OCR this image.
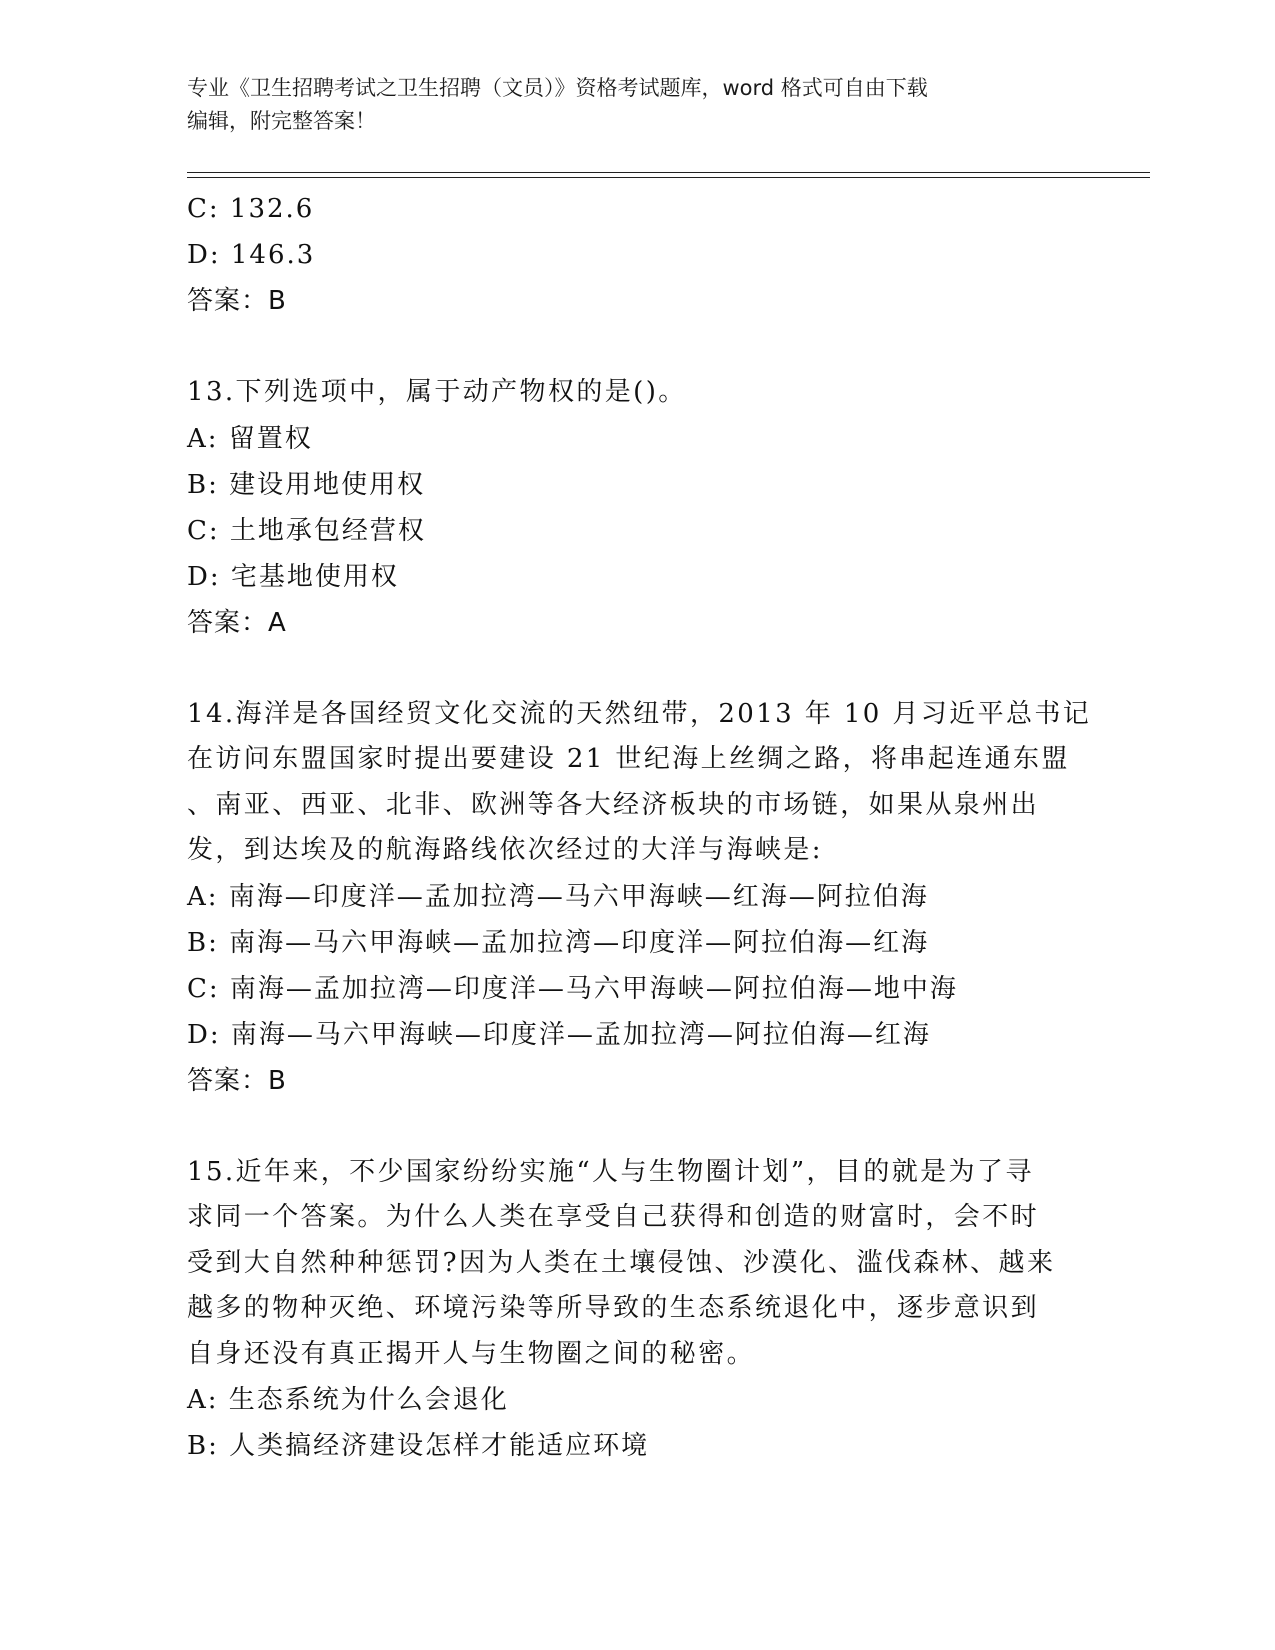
专业《卫生招聘考试之卫生招聘（文员）》资格考试题库，word 格式可自由下载
编辑，附完整答案！
C: 132.6
D: 146.3
答案：B
13.下列选项中，属于动产物权的是()。
A: 留置权
B: 建设用地使用权
C: 土地承包经营权
D: 宅基地使用权
答案：A
14.海洋是各国经贸文化交流的天然纽带，2013 年 10 月习近平总书记
在访问东盟国家时提出要建设 21 世纪海上丝绸之路，将串起连通东盟
、南亚、西亚、北非、欧洲等各大经济板块的市场链，如果从泉州出
发，到达埃及的航海路线依次经过的大洋与海峡是:
A: 南海—印度洋—孟加拉湾—马六甲海峡—红海—阿拉伯海
B: 南海—马六甲海峡—孟加拉湾—印度洋—阿拉伯海—红海
C: 南海—孟加拉湾—印度洋—马六甲海峡—阿拉伯海—地中海
D: 南海—马六甲海峡—印度洋—孟加拉湾—阿拉伯海—红海
答案：B
15.近年来，不少国家纷纷实施“人与生物圈计划”，目的就是为了寻
求同一个答案。为什么人类在享受自己获得和创造的财富时，会不时
受到大自然种种惩罚?因为人类在土壤侵蚀、沙漠化、滥伐森林、越来
越多的物种灭绝、环境污染等所导致的生态系统退化中，逐步意识到
自身还没有真正揭开人与生物圈之间的秘密。
A: 生态系统为什么会退化
B: 人类搞经济建设怎样才能适应环境
